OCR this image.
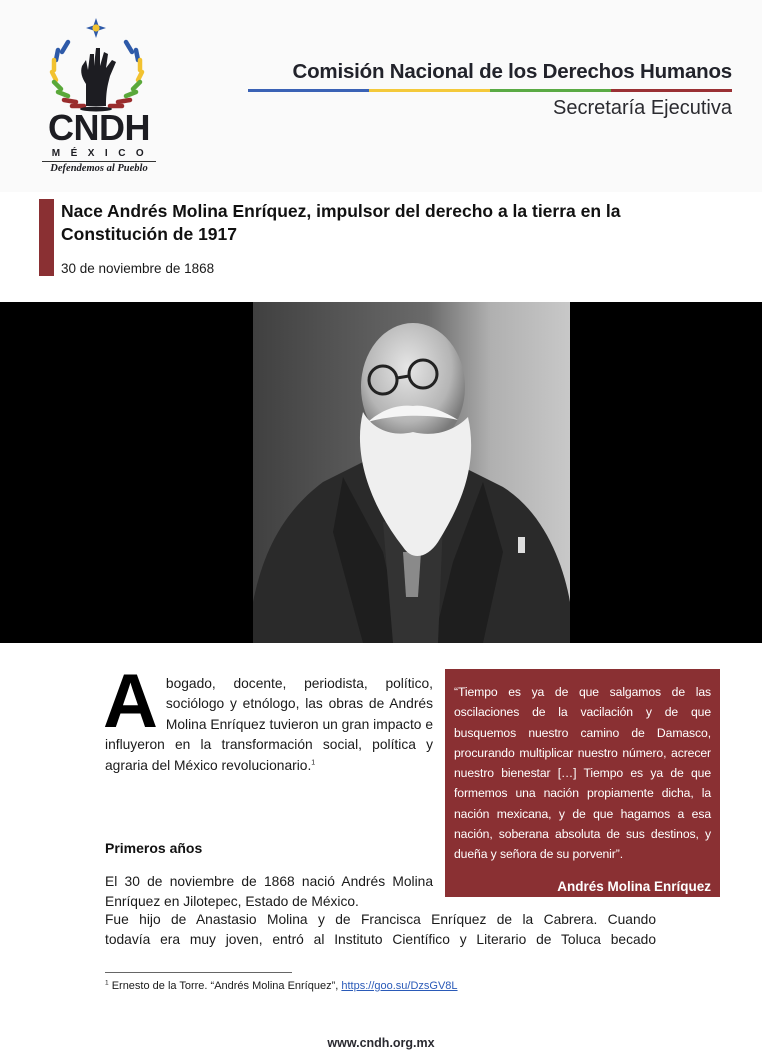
CNDH
MÉXICO
Defendemos al Pueblo
Comisión Nacional de los Derechos Humanos
Secretaría Ejecutiva
Nace Andrés Molina Enríquez, impulsor del derecho a la tierra en la Constitución de 1917
30 de noviembre de 1868
Abogado, docente, periodista, político, sociólogo y etnólogo, las obras de Andrés Molina Enríquez tuvieron un gran impacto e influyeron en la transformación social, política y agraria del México revolucionario.$^1$

“Tiempo es ya de que salgamos de las oscilaciones de la vacilación y de que busquemos nuestro camino de Damasco, procurando multiplicar nuestro número, acrecer nuestro bienestar […] Tiempo es ya de que formemos una nación propiamente dicha, la nación mexicana, y de que hagamos a esa nación, soberana absoluta de sus destinos, y dueña y señora de su porvenir”.

Andrés Molina Enríquez
Los grandes problemas nacionales
Primeros años

El 30 de noviembre de 1868 nació Andrés Molina Enríquez en Jilotepec, Estado de México.

Fue hijo de Anastasio Molina y de Francisca Enríquez de la Cabrera. Cuando
todavía era muy joven, entró al Instituto Científico y Literario de Toluca becado

$^1$ Ernesto de la Torre. “Andrés Molina Enríquez”, https://goo.su/DzsGV8L
www.cndh.org.mx
